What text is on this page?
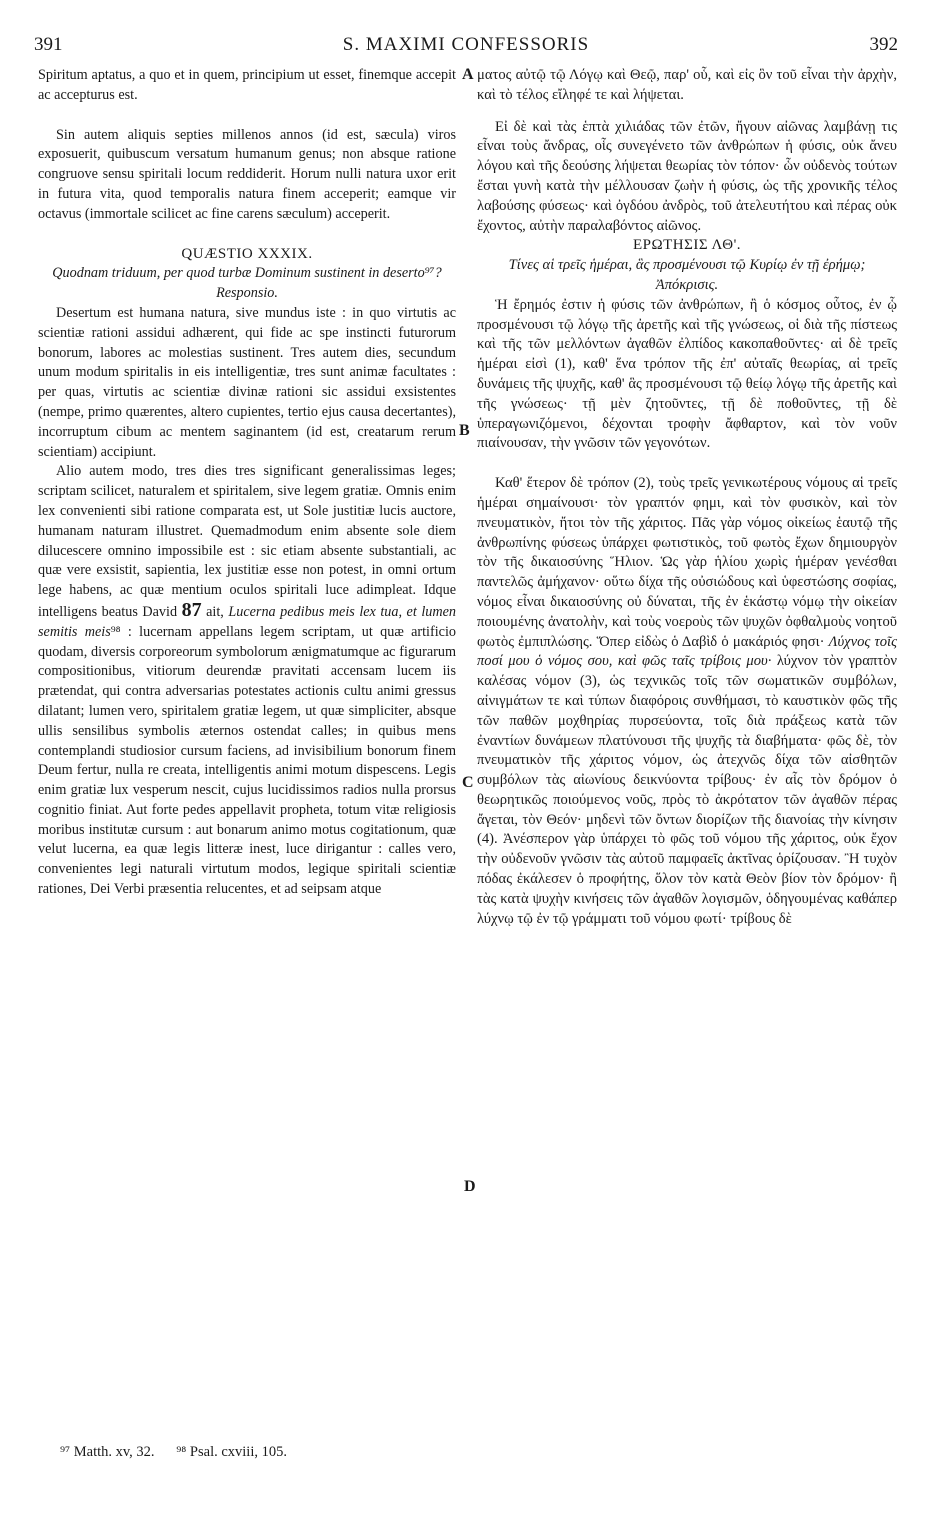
391	S. MAXIMI CONFESSORIS	392

Spiritum aptatus, a quo et in quem, principium ut esset, finemque accepit ac accepturus est.

Sin autem aliquis septies millenos annos (id est, sæcula) viros exposuerit, quibuscum versatum humanum genus; non absque ratione congruove sensu spiritali locum reddiderit. Horum nulli natura uxor erit in futura vita, quod temporalis natura finem acceperit; eamque vir octavus (immortale scilicet ac fine carens sæculum) acceperit.

QUÆSTIO XXXIX.

Quodnam triduum, per quod turbæ Dominum sustinent in deserto⁹⁷?

Responsio.

Desertum est humana natura, sive mundus iste : in quo virtutis ac scientiæ rationi assidui adhærent, qui fide ac spe instincti futurorum bonorum, labores ac molestias sustinent. Tres autem dies, secundum unum modum spiritalis in eis intelligentiæ, tres sunt animæ facultates : per quas, virtutis ac scientiæ divinæ rationi sic assidui exsistentes (nempe, primo quærentes, altero cupientes, tertio ejus causa decertantes), incorruptum cibum ac mentem saginantem (id est, creatarum rerum scientiam) accipiunt.

Alio autem modo, tres dies tres significant generalissimas leges; scriptam scilicet, naturalem et spiritalem, sive legem gratiæ. Omnis enim lex convenienti sibi ratione comparata est, ut Sole justitiæ lucis auctore, humanam naturam illustret. Quemadmodum enim absente sole diem dilucescere omnino impossibile est : sic etiam absente substantiali, ac quæ vere exsistit, sapientia, lex justitiæ esse non potest, in omni ortum lege habens, ac quæ mentium oculos spiritali luce adimpleat. Idque intelligens beatus David 87 ait, Lucerna pedibus meis lex tua, et lumen semitis meis⁹⁸ : lucernam appellans legem scriptam, ut quæ artificio quodam, diversis corporeorum symbolorum ænigmatumque ac figurarum compositionibus, vitiorum deurendæ pravitati accensam lucem iis prætendat, qui contra adversarias potestates actionis cultu animi gressus dilatant; lumen vero, spiritalem gratiæ legem, ut quæ simpliciter, absque ullis sensilibus symbolis æternos ostendat calles; in quibus mens contemplandi studiosior cursum faciens, ad invisibilium bonorum finem Deum fertur, nulla re creata, intelligentis animi motum dispescens. Legis enim gratiæ lux vesperum nescit, cujus lucidissimos radios nulla prorsus cognitio finiat. Aut forte pedes appellavit propheta, totum vitæ religiosis moribus institutæ cursum : aut bonarum animo motus cogitationum, quæ velut lucerna, ea quæ legis litteræ inest, luce dirigantur : calles vero, convenientes legi naturali virtutum modos, legique spiritali scientiæ rationes, Dei Verbi præsentia relucentes, et ad seipsam atque

A
B
C
D

ματος αὐτῷ τῷ Λόγῳ καὶ Θεῷ, παρ' οὗ, καὶ εἰς ὃν τοῦ εἶναι τὴν ἀρχὴν, καὶ τὸ τέλος εἴληφέ τε καὶ λήψεται.

Εἰ δὲ καὶ τὰς ἑπτὰ χιλιάδας τῶν ἐτῶν, ἤγουν αἰῶνας λαμβάνῃ τις εἶναι τοὺς ἄνδρας, οἷς συνεγένετο τῶν ἀνθρώπων ἡ φύσις, οὐκ ἄνευ λόγου καὶ τῆς δεούσης λήψεται θεωρίας τὸν τόπον· ὧν οὐδενὸς τούτων ἔσται γυνὴ κατὰ τὴν μέλλουσαν ζωὴν ἡ φύσις, ὡς τῆς χρονικῆς τέλος λαβούσης φύσεως· καὶ ὀγδόου ἀνδρὸς, τοῦ ἀτελευτήτου καὶ πέρας οὐκ ἔχοντος, αὐτὴν παραλαβόντος αἰῶνος.

ΕΡΩΤΗΣΙΣ ΛΘ'.

Τίνες αἱ τρεῖς ἡμέραι, ἃς προσμένουσι τῷ Κυρίῳ ἐν τῇ ἐρήμῳ;

Ἀπόκρισις.

Ἡ ἔρημός ἐστιν ἡ φύσις τῶν ἀνθρώπων, ἢ ὁ κόσμος οὗτος, ἐν ᾧ προσμένουσι τῷ λόγῳ τῆς ἀρετῆς καὶ τῆς γνώσεως, οἱ διὰ τῆς πίστεως καὶ τῆς τῶν μελλόντων ἀγαθῶν ἐλπίδος κακοπαθοῦντες· αἱ δὲ τρεῖς ἡμέραι εἰσὶ (1), καθ' ἕνα τρόπον τῆς ἐπ' αὐταῖς θεωρίας, αἱ τρεῖς δυνάμεις τῆς ψυχῆς, καθ' ἃς προσμένουσι τῷ θείῳ λόγῳ τῆς ἀρετῆς καὶ τῆς γνώσεως· τῇ μὲν ζητοῦντες, τῇ δὲ ποθοῦντες, τῇ δὲ ὑπεραγωνιζόμενοι, δέχονται τροφὴν ἄφθαρτον, καὶ τὸν νοῦν πιαίνουσαν, τὴν γνῶσιν τῶν γεγονότων.

Καθ' ἕτερον δὲ τρόπον (2), τοὺς τρεῖς γενικωτέρους νόμους αἱ τρεῖς ἡμέραι σημαίνουσι· τὸν γραπτόν φημι, καὶ τὸν φυσικὸν, καὶ τὸν πνευματικὸν, ἤτοι τὸν τῆς χάριτος. Πᾶς γὰρ νόμος οἰκείως ἑαυτῷ τῆς ἀνθρωπίνης φύσεως ὑπάρχει φωτιστικὸς, τοῦ φωτὸς ἔχων δημιουργὸν τὸν τῆς δικαιοσύνης Ἥλιον. Ὡς γὰρ ἡλίου χωρὶς ἡμέραν γενέσθαι παντελῶς ἀμήχανον· οὕτω δίχα τῆς οὐσιώδους καὶ ὑφεστώσης σοφίας, νόμος εἶναι δικαιοσύνης οὐ δύναται, τῆς ἐν ἑκάστῳ νόμῳ τὴν οἰκείαν ποιουμένης ἀνατολὴν, καὶ τοὺς νοεροὺς τῶν ψυχῶν ὀφθαλμοὺς νοητοῦ φωτὸς ἐμπιπλώσης. Ὅπερ εἰδὼς ὁ Δαβὶδ ὁ μακάριός φησι· Λύχνος τοῖς ποσί μου ὁ νόμος σου, καὶ φῶς ταῖς τρίβοις μου· λύχνον τὸν γραπτὸν καλέσας νόμον (3), ὡς τεχνικῶς τοῖς τῶν σωματικῶν συμβόλων, αἰνιγμάτων τε καὶ τύπων διαφόροις συνθήμασι, τὸ καυστικὸν φῶς τῆς τῶν παθῶν μοχθηρίας πυρσεύοντα, τοῖς διὰ πράξεως κατὰ τῶν ἐναντίων δυνάμεων πλατύνουσι τῆς ψυχῆς τὰ διαβήματα· φῶς δὲ, τὸν πνευματικὸν τῆς χάριτος νόμον, ὡς ἀτεχνῶς δίχα τῶν αἰσθητῶν συμβόλων τὰς αἰωνίους δεικνύοντα τρίβους· ἐν αἷς τὸν δρόμον ὁ θεωρητικῶς ποιούμενος νοῦς, πρὸς τὸ ἀκρότατον τῶν ἀγαθῶν πέρας ἄγεται, τὸν Θεόν· μηδενὶ τῶν ὄντων διορίζων τῆς διανοίας τὴν κίνησιν (4). Ἀνέσπερον γὰρ ὑπάρχει τὸ φῶς τοῦ νόμου τῆς χάριτος, οὐκ ἔχον τὴν οὐδενοῦν γνῶσιν τὰς αὐτοῦ παμφαεῖς ἀκτῖνας ὁρίζουσαν. Ἢ τυχὸν πόδας ἐκάλεσεν ὁ προφήτης, ὅλον τὸν κατὰ Θεὸν βίον τὸν δρόμον· ἢ τὰς κατὰ ψυχὴν κινήσεις τῶν ἀγαθῶν λογισμῶν, ὁδηγουμένας καθάπερ λύχνῳ τῷ ἐν τῷ γράμματι τοῦ νόμου φωτί· τρίβους δὲ

⁹⁷ Matth. xv, 32. ⁹⁸ Psal. cxviii, 105.
